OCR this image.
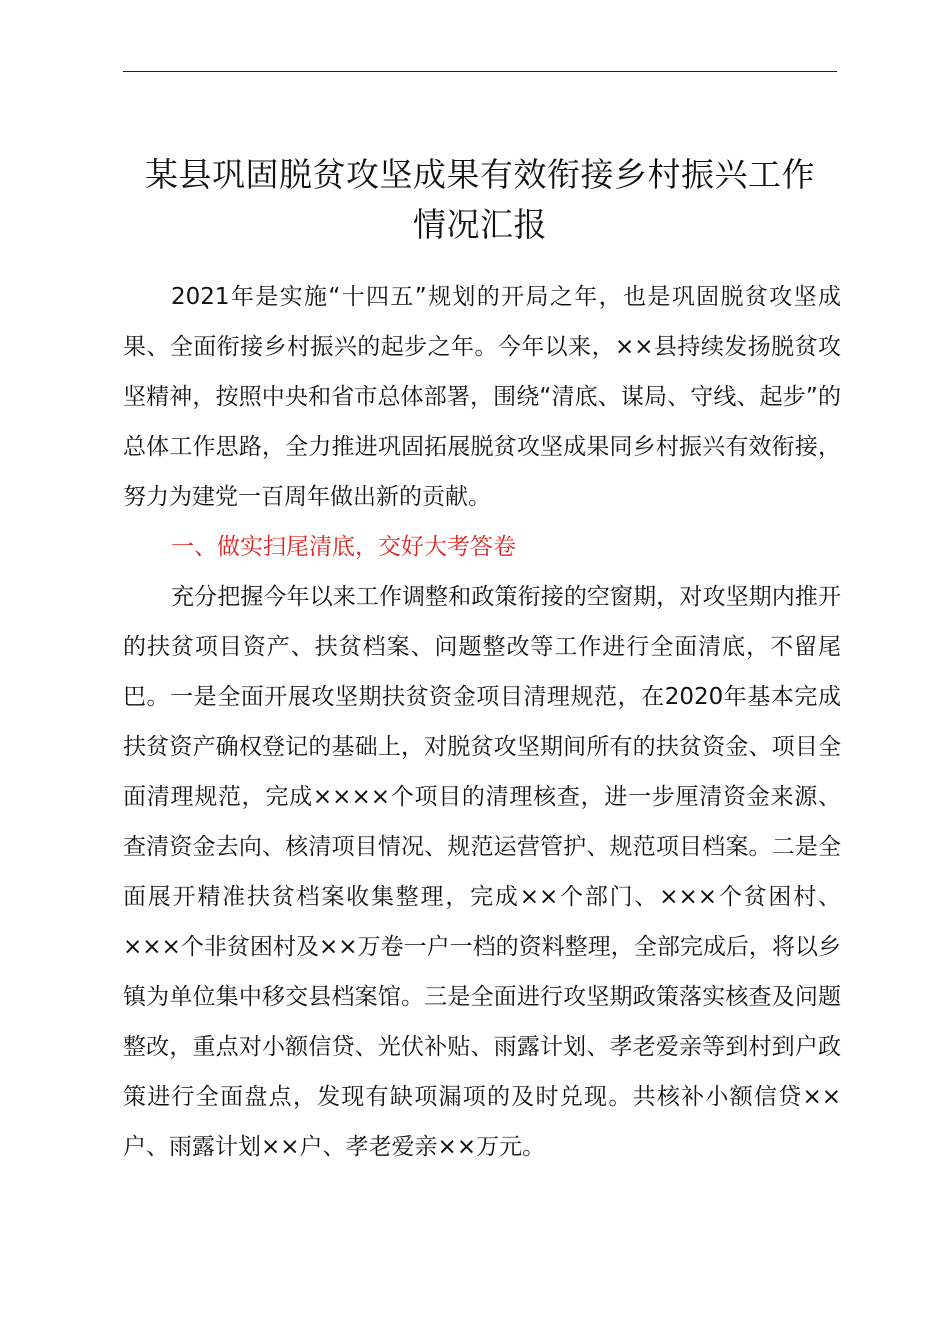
某县巩固脱贫攻坚成果有效衔接乡村振兴工作
情况汇报

2021年是实施“十四五”规划的开局之年，也是巩固脱贫攻坚成果、全面衔接乡村振兴的起步之年。今年以来，××县持续发扬脱贫攻坚精神，按照中央和省市总体部署，围绕“清底、谋局、守线、起步”的总体工作思路，全力推进巩固拓展脱贫攻坚成果同乡村振兴有效衔接，努力为建党一百周年做出新的贡献。

一、做实扫尾清底，交好大考答卷

充分把握今年以来工作调整和政策衔接的空窗期，对攻坚期内推开的扶贫项目资产、扶贫档案、问题整改等工作进行全面清底，不留尾巴。一是全面开展攻坚期扶贫资金项目清理规范，在2020年基本完成扶贫资产确权登记的基础上，对脱贫攻坚期间所有的扶贫资金、项目全面清理规范，完成××××个项目的清理核查，进一步厘清资金来源、查清资金去向、核清项目情况、规范运营管护、规范项目档案。二是全面展开精准扶贫档案收集整理，完成××个部门、×××个贫困村、×××个非贫困村及××万卷一户一档的资料整理，全部完成后，将以乡镇为单位集中移交县档案馆。三是全面进行攻坚期政策落实核查及问题整改，重点对小额信贷、光伏补贴、雨露计划、孝老爱亲等到村到户政策进行全面盘点，发现有缺项漏项的及时兑现。共核补小额信贷××户、雨露计划××户、孝老爱亲××万元。
